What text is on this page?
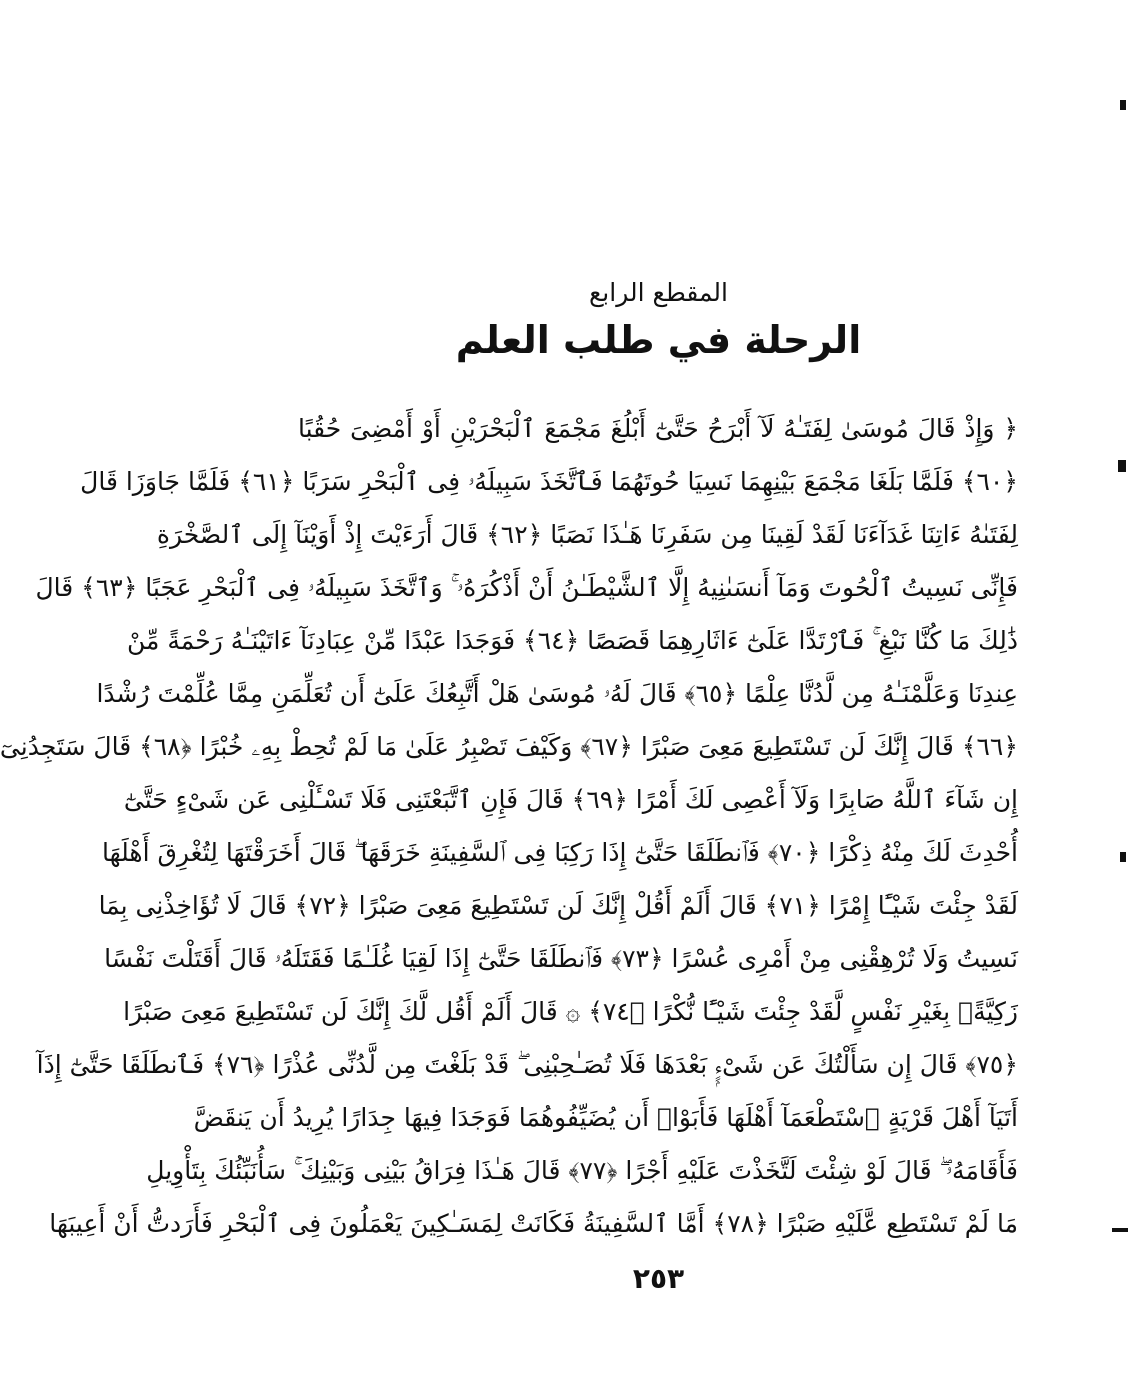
المقطع الرابع
الرحلة في طلب العلم
﴿ وَإِذْ قَالَ مُوسَىٰ لِفَتَـٰهُ لَآ أَبْرَحُ حَتَّىٰٓ أَبْلُغَ مَجْمَعَ ٱلْبَحْرَيْنِ أَوْ أَمْضِىَ حُقُبًا
﴿٦٠﴾ فَلَمَّا بَلَغَا مَجْمَعَ بَيْنِهِمَا نَسِيَا حُوتَهُمَا فَٱتَّخَذَ سَبِيلَهُۥ فِى ٱلْبَحْرِ سَرَبًا ﴿٦١﴾ فَلَمَّا جَاوَزَا قَالَ
لِفَتَىٰهُ ءَاتِنَا غَدَآءَنَا لَقَدْ لَقِينَا مِن سَفَرِنَا هَـٰذَا نَصَبًا ﴿٦٢﴾ قَالَ أَرَءَيْتَ إِذْ أَوَيْنَآ إِلَى ٱلصَّخْرَةِ
فَإِنِّى نَسِيتُ ٱلْحُوتَ وَمَآ أَنسَىٰنِيهُ إِلَّا ٱلشَّيْطَـٰنُ أَنْ أَذْكُرَهُۥ ۚ وَٱتَّخَذَ سَبِيلَهُۥ فِى ٱلْبَحْرِ عَجَبًا ﴿٦٣﴾ قَالَ
ذَٰلِكَ مَا كُنَّا نَبْغِ ۚ فَٱرْتَدَّا عَلَىٰٓ ءَاثَارِهِمَا قَصَصًا ﴿٦٤﴾ فَوَجَدَا عَبْدًا مِّنْ عِبَادِنَآ ءَاتَيْنَـٰهُ رَحْمَةً مِّنْ
عِندِنَا وَعَلَّمْنَـٰهُ مِن لَّدُنَّا عِلْمًا ﴿٦٥﴾ قَالَ لَهُۥ مُوسَىٰ هَلْ أَتَّبِعُكَ عَلَىٰٓ أَن تُعَلِّمَنِ مِمَّا عُلِّمْتَ رُشْدًا
﴿٦٦﴾ قَالَ إِنَّكَ لَن تَسْتَطِيعَ مَعِىَ صَبْرًا ﴿٦٧﴾ وَكَيْفَ تَصْبِرُ عَلَىٰ مَا لَمْ تُحِطْ بِهِۦ خُبْرًا ﴿٦٨﴾ قَالَ سَتَجِدُنِىٓ
إِن شَآءَ ٱللَّهُ صَابِرًا وَلَآ أَعْصِى لَكَ أَمْرًا ﴿٦٩﴾ قَالَ فَإِنِ ٱتَّبَعْتَنِى فَلَا تَسْـَٔلْنِى عَن شَىْءٍ حَتَّىٰٓ
أُحْدِثَ لَكَ مِنْهُ ذِكْرًا ﴿٧٠﴾ فَٱنطَلَقَا حَتَّىٰٓ إِذَا رَكِبَا فِى ٱلسَّفِينَةِ خَرَقَهَا ۖ قَالَ أَخَرَقْتَهَا لِتُغْرِقَ أَهْلَهَا
لَقَدْ جِئْتَ شَيْـًٔا إِمْرًا ﴿٧١﴾ قَالَ أَلَمْ أَقُلْ إِنَّكَ لَن تَسْتَطِيعَ مَعِىَ صَبْرًا ﴿٧٢﴾ قَالَ لَا تُؤَاخِذْنِى بِمَا
نَسِيتُ وَلَا تُرْهِقْنِى مِنْ أَمْرِى عُسْرًا ﴿٧٣﴾ فَٱنطَلَقَا حَتَّىٰٓ إِذَا لَقِيَا غُلَـٰمًا فَقَتَلَهُۥ قَالَ أَقَتَلْتَ نَفْسًا
زَكِيَّةًۢ بِغَيْرِ نَفْسٍ لَّقَدْ جِئْتَ شَيْـًٔا نُّكْرًا ﴿٧٤﴾ ۞ قَالَ أَلَمْ أَقُل لَّكَ إِنَّكَ لَن تَسْتَطِيعَ مَعِىَ صَبْرًا
﴿٧٥﴾ قَالَ إِن سَأَلْتُكَ عَن شَىْءٍۭ بَعْدَهَا فَلَا تُصَـٰحِبْنِى ۖ قَدْ بَلَغْتَ مِن لَّدُنِّى عُذْرًا ﴿٧٦﴾ فَٱنطَلَقَا حَتَّىٰٓ إِذَآ
أَتَيَآ أَهْلَ قَرْيَةٍ ٱسْتَطْعَمَآ أَهْلَهَا فَأَبَوْا۟ أَن يُضَيِّفُوهُمَا فَوَجَدَا فِيهَا جِدَارًا يُرِيدُ أَن يَنقَضَّ
فَأَقَامَهُۥ ۖ قَالَ لَوْ شِئْتَ لَتَّخَذْتَ عَلَيْهِ أَجْرًا ﴿٧٧﴾ قَالَ هَـٰذَا فِرَاقُ بَيْنِى وَبَيْنِكَ ۚ سَأُنَبِّئُكَ بِتَأْوِيلِ
مَا لَمْ تَسْتَطِع عَّلَيْهِ صَبْرًا ﴿٧٨﴾ أَمَّا ٱلسَّفِينَةُ فَكَانَتْ لِمَسَـٰكِينَ يَعْمَلُونَ فِى ٱلْبَحْرِ فَأَرَدتُّ أَنْ أَعِيبَهَا
٢٥٣
